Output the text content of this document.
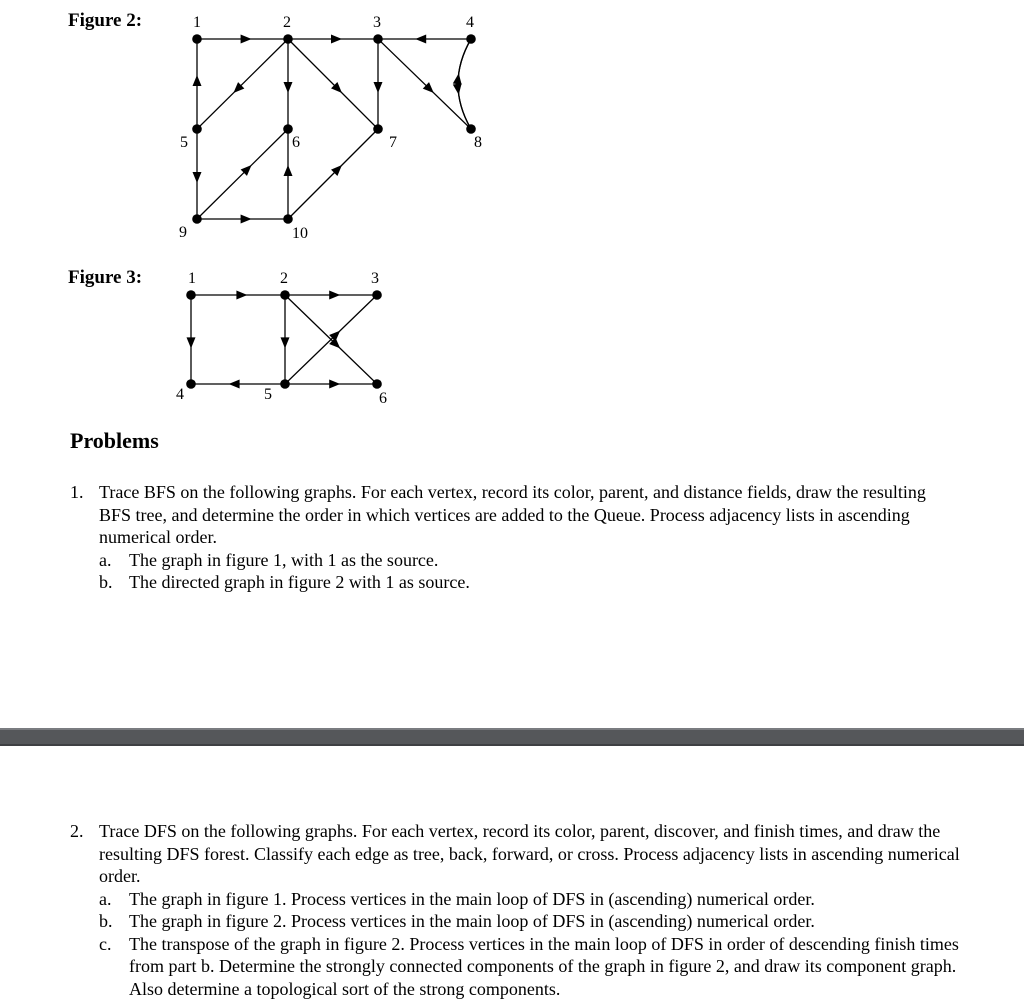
Figure 2:
Figure 3:
1	2	3	4
5	6	7	8
9	10
1	2	3
4	5	6
Problems
1. Trace BFS on the following graphs. For each vertex, record its color, parent, and distance fields, draw the resulting BFS tree, and determine the order in which vertices are added to the Queue. Process adjacency lists in ascending numerical order.
a. The graph in figure 1, with 1 as the source.
b. The directed graph in figure 2 with 1 as source.
2. Trace DFS on the following graphs. For each vertex, record its color, parent, discover, and finish times, and draw the resulting DFS forest. Classify each edge as tree, back, forward, or cross. Process adjacency lists in ascending numerical order.
a. The graph in figure 1. Process vertices in the main loop of DFS in (ascending) numerical order.
b. The graph in figure 2. Process vertices in the main loop of DFS in (ascending) numerical order.
c. The transpose of the graph in figure 2. Process vertices in the main loop of DFS in order of descending finish times from part b. Determine the strongly connected components of the graph in figure 2, and draw its component graph. Also determine a topological sort of the strong components.
